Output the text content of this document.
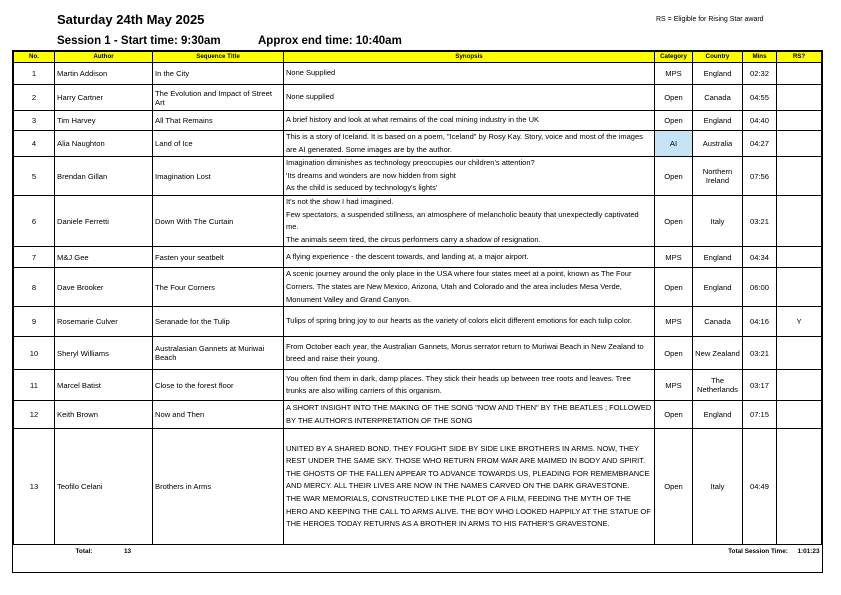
Saturday 24th May 2025	RS = Eligible for Rising Star award
Session 1 - Start time: 9:30am	Approx end time: 10:40am
No.	Author	Sequence Title	Synopsis	Category	Country	Mins	RS?
1	Martin Addison	In the City	None Supplied	MPS	England	02:32	
2	Harry Cartner	The Evolution and Impact of Street Art	None supplied	Open	Canada	04:55	
3	Tim Harvey	All That Remains	A brief history and look at what remains of the coal mining industry in the UK	Open	England	04:40	
4	Alia Naughton	Land of Ice	This is a story of Iceland. It is based on a poem, "Iceland" by Rosy Kay. Story, voice and most of the images are AI generated. Some images are by the author.	AI	Australia	04:27	
5	Brendan Gillan	Imagination Lost	Imagination diminishes as technology preoccupies our children's attention?
'Its dreams and wonders are now hidden from sight
As the child is seduced by technology's lights'	Open	Northern Ireland	07:56	
6	Daniele Ferretti	Down With The Curtain	It's not the show I had imagined.
Few spectators, a suspended stillness, an atmosphere of melancholic beauty that unexpectedly captivated me.
The animals seem tired, the circus performers carry a shadow of resignation.	Open	Italy	03:21	
7	M&J Gee	Fasten your seatbelt	A flying experience - the descent towards, and landing at, a major airport.	MPS	England	04:34	
8	Dave Brooker	The Four Corners	A scenic journey around the only place in the USA where four states meet at a point, known as The Four Corners. The states are New Mexico, Arizona, Utah and Colorado and the area includes Mesa Verde, Monument Valley and Grand Canyon.	Open	England	06:00	
9	Rosemarie Culver	Seranade for the Tulip	Tulips of spring bring joy to our hearts as the variety of colors elicit different emotions for each tulip color.	MPS	Canada	04:16	Y
10	Sheryl Williams	Australasian Gannets at Muriwai Beach	From October each year, the Australian Gannets, Morus serrator return to Muriwai Beach in New Zealand to breed and raise their young.	Open	New Zealand	03:21	
11	Marcel Batist	Close to the forest floor	You often find them in dark, damp places. They stick their heads up between tree roots and leaves. Tree trunks are also willing carriers of this organism.	MPS	The Netherlands	03:17	
12	Keith Brown	Now and Then	A SHORT INSIGHT INTO THE MAKING OF THE SONG "NOW AND THEN" BY THE BEATLES ; FOLLOWED BY THE AUTHOR'S INTERPRETATION OF THE SONG	Open	England	07:15	
13	Teofilo Celani	Brothers in Arms	UNITED BY A SHARED BOND. THEY FOUGHT SIDE BY SIDE LIKE BROTHERS IN ARMS. NOW, THEY REST UNDER THE SAME SKY. THOSE WHO RETURN FROM WAR ARE MAIMED IN BODY AND SPIRIT. THE GHOSTS OF THE FALLEN APPEAR TO ADVANCE TOWARDS US, PLEADING FOR REMEMBRANCE AND MERCY. ALL THEIR LIVES ARE NOW IN THE NAMES CARVED ON THE DARK GRAVESTONE.
THE WAR MEMORIALS, CONSTRUCTED LIKE THE PLOT OF A FILM, FEEDING THE MYTH OF THE HERO AND KEEPING THE CALL TO ARMS ALIVE. THE BOY WHO LOOKED HAPPILY AT THE STATUE OF THE HEROES TODAY RETURNS AS A BROTHER IN ARMS TO HIS FATHER'S GRAVESTONE.	Open	Italy	04:49	
Total: 13		Total Session Time: 1:01:23					
